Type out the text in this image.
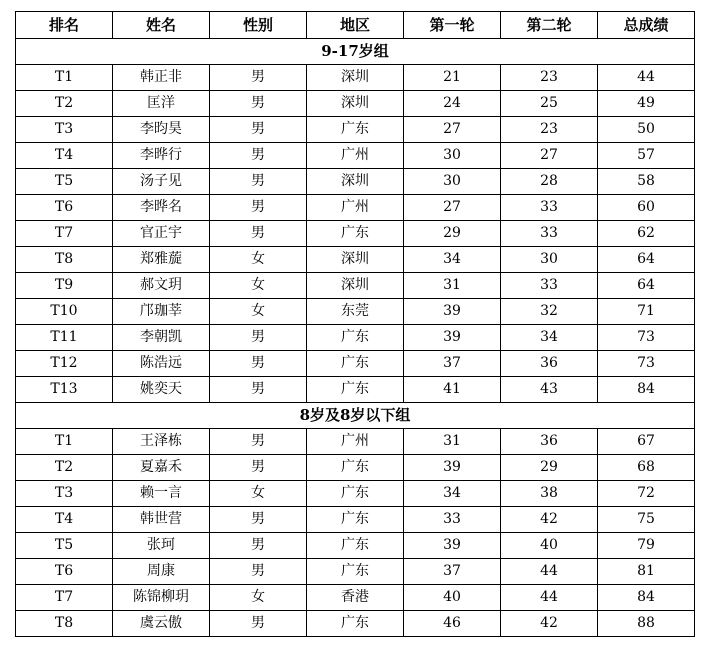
排名	姓名	性别	地区	第一轮	第二轮	总成绩
9-17岁组						
T1	韩正非	男	深圳	21	23	44
T2	匡洋	男	深圳	24	25	49
T3	李昀昊	男	广东	27	23	50
T4	李晔行	男	广州	30	27	57
T5	汤子见	男	深圳	30	28	58
T6	李晔名	男	广州	27	33	60
T7	官正宇	男	广东	29	33	62
T8	郑雅蔙	女	深圳	34	30	64
T9	郝文玥	女	深圳	31	33	64
T10	邝珈莘	女	东莞	39	32	71
T11	李朝凯	男	广东	39	34	73
T12	陈浩远	男	广东	37	36	73
T13	姚奕天	男	广东	41	43	84
8岁及8岁以下组						
T1	王泽栋	男	广州	31	36	67
T2	夏嘉禾	男	广东	39	29	68
T3	赖一言	女	广东	34	38	72
T4	韩世营	男	广东	33	42	75
T5	张珂	男	广东	39	40	79
T6	周康	男	广东	37	44	81
T7	陈锦柳玥	女	香港	40	44	84
T8	虞云傲	男	广东	46	42	88
